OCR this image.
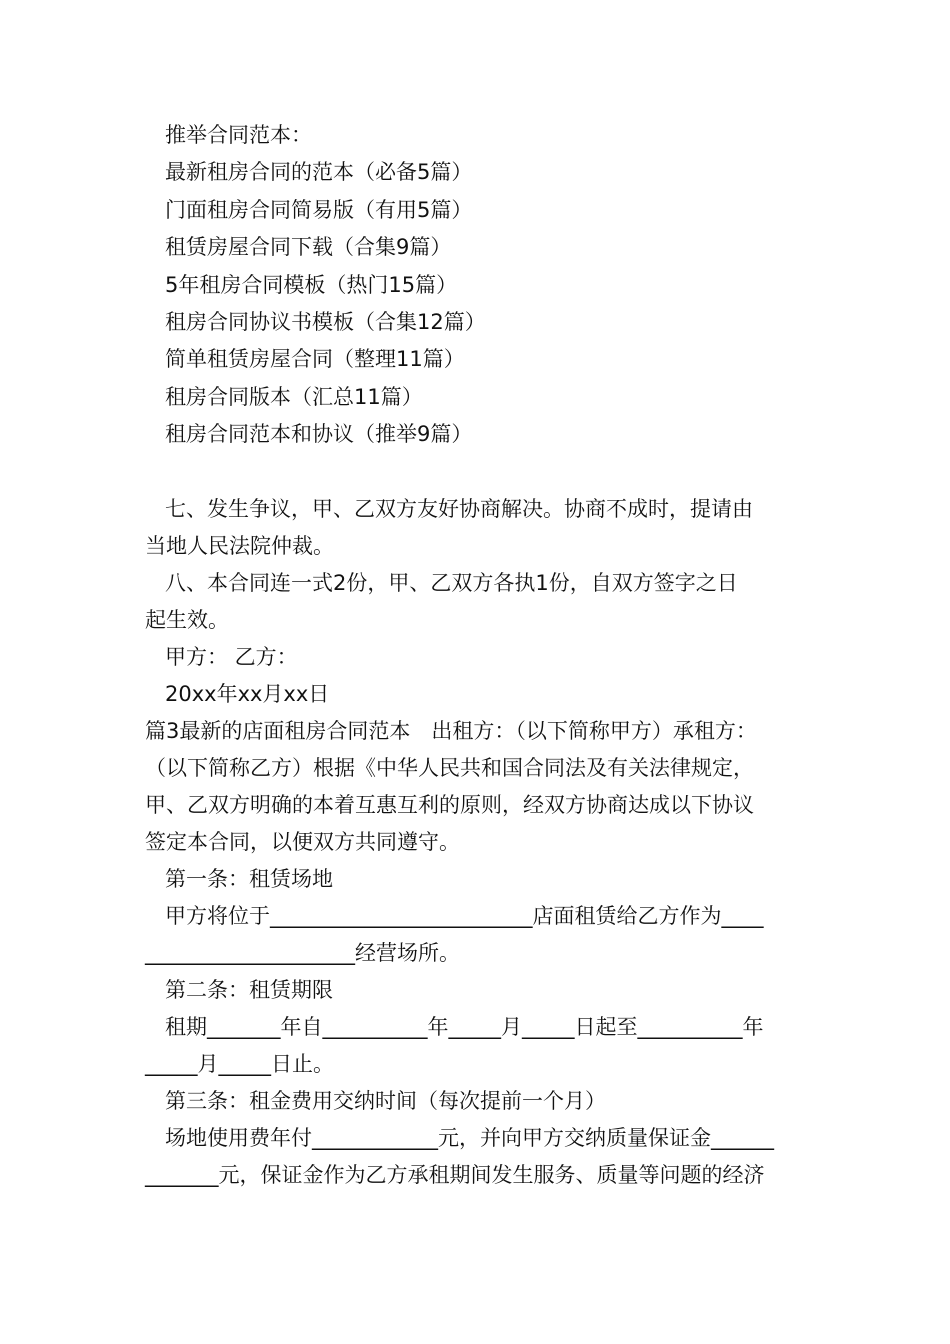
推举合同范本：
最新租房合同的范本（必备5篇）
门面租房合同简易版（有用5篇）
租赁房屋合同下载（合集9篇）
5年租房合同模板（热门15篇）
租房合同协议书模板（合集12篇）
简单租赁房屋合同（整理11篇）
租房合同版本（汇总11篇）
租房合同范本和协议（推举9篇）
七、发生争议，甲、乙双方友好协商解决。协商不成时，提请由
当地人民法院仲裁。
八、本合同连一式2份，甲、乙双方各执1份，自双方签字之日
起生效。
甲方： 乙方：
20xx年xx月xx日
篇3最新的店面租房合同范本　出租方：（以下简称甲方）承租方：
（以下简称乙方）根据《中华人民共和国合同法及有关法律规定，
甲、乙双方明确的本着互惠互利的原则，经双方协商达成以下协议
签定本合同，以便双方共同遵守。
第一条：租赁场地
甲方将位于_________________________店面租赁给乙方作为____
____________________经营场所。
第二条：租赁期限
租期_______年自__________年_____月_____日起至__________年
_____月_____日止。
第三条：租金费用交纳时间（每次提前一个月）
场地使用费年付____________元，并向甲方交纳质量保证金______
_______元，保证金作为乙方承租期间发生服务、质量等问题的经济
